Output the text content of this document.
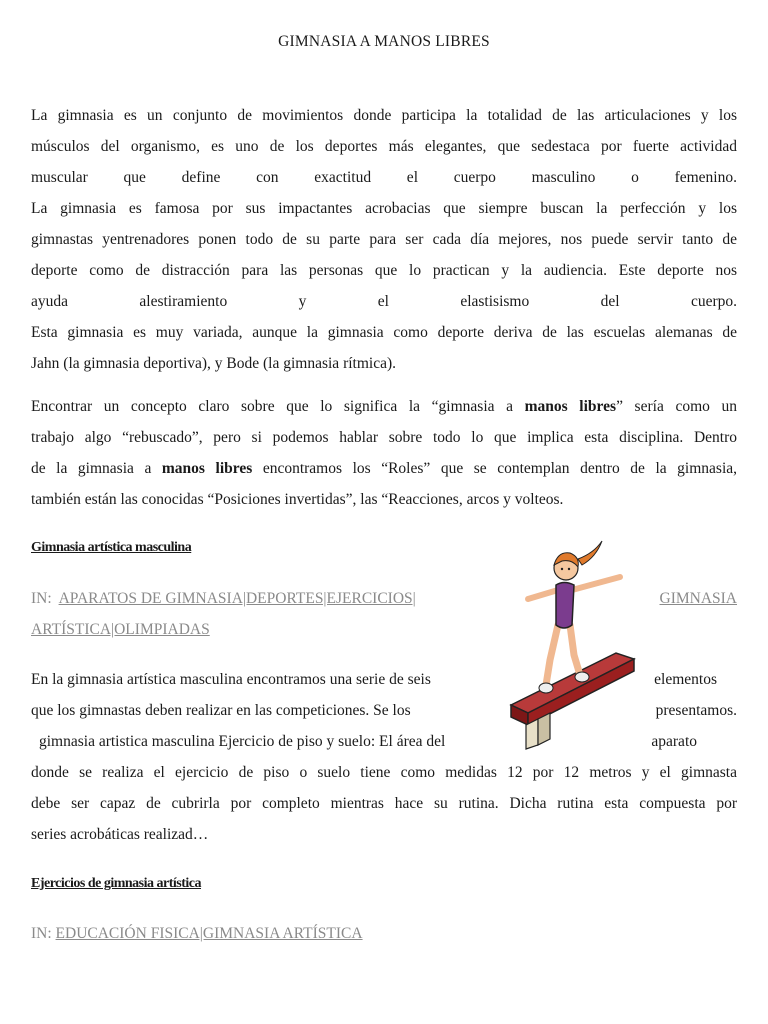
GIMNASIA A MANOS LIBRES
La gimnasia es un conjunto de movimientos donde participa la totalidad de las articulaciones y los
músculos del organismo, es uno de los deportes más elegantes, que sedestaca por fuerte actividad
muscular que define con exactitud el cuerpo masculino o femenino.
La gimnasia es famosa por sus impactantes acrobacias que siempre buscan la perfección y los
gimnastas yentrenadores ponen todo de su parte para ser cada día mejores, nos puede servir tanto de
deporte como de distracción para las personas que lo practican y la audiencia. Este deporte nos
ayuda alestiramiento y el elastisismo del cuerpo.
Esta gimnasia es muy variada, aunque la gimnasia como deporte deriva de las escuelas alemanas de
Jahn (la gimnasia deportiva), y Bode (la gimnasia rítmica).
Encontrar un concepto claro sobre que lo significa la “gimnasia a manos libres” sería como un
trabajo algo “rebuscado”, pero si podemos hablar sobre todo lo que implica esta disciplina. Dentro
de la gimnasia a manos libres encontramos los “Roles” que se contemplan dentro de la gimnasia,
también están las conocidas “Posiciones invertidas”, las “Reacciones, arcos y volteos.
Gimnasia artística masculina
IN: APARATOS DE GIMNASIA|DEPORTES|EJERCICIOS|	GIMNASIA
ARTÍSTICA|OLIMPIADAS
En la gimnasia artística masculina encontramos una serie de seis	elementos
que los gimnastas deben realizar en las competiciones. Se los	presentamos.
gimnasia artistica masculina Ejercicio de piso y suelo: El área del	aparato
donde se realiza el ejercicio de piso o suelo tiene como medidas 12 por 12 metros y el gimnasta
debe ser capaz de cubrirla por completo mientras hace su rutina. Dicha rutina esta compuesta por
series acrobáticas realizad…
Ejercicios de gimnasia artística
IN: EDUCACIÓN FISICA|GIMNASIA ARTÍSTICA
